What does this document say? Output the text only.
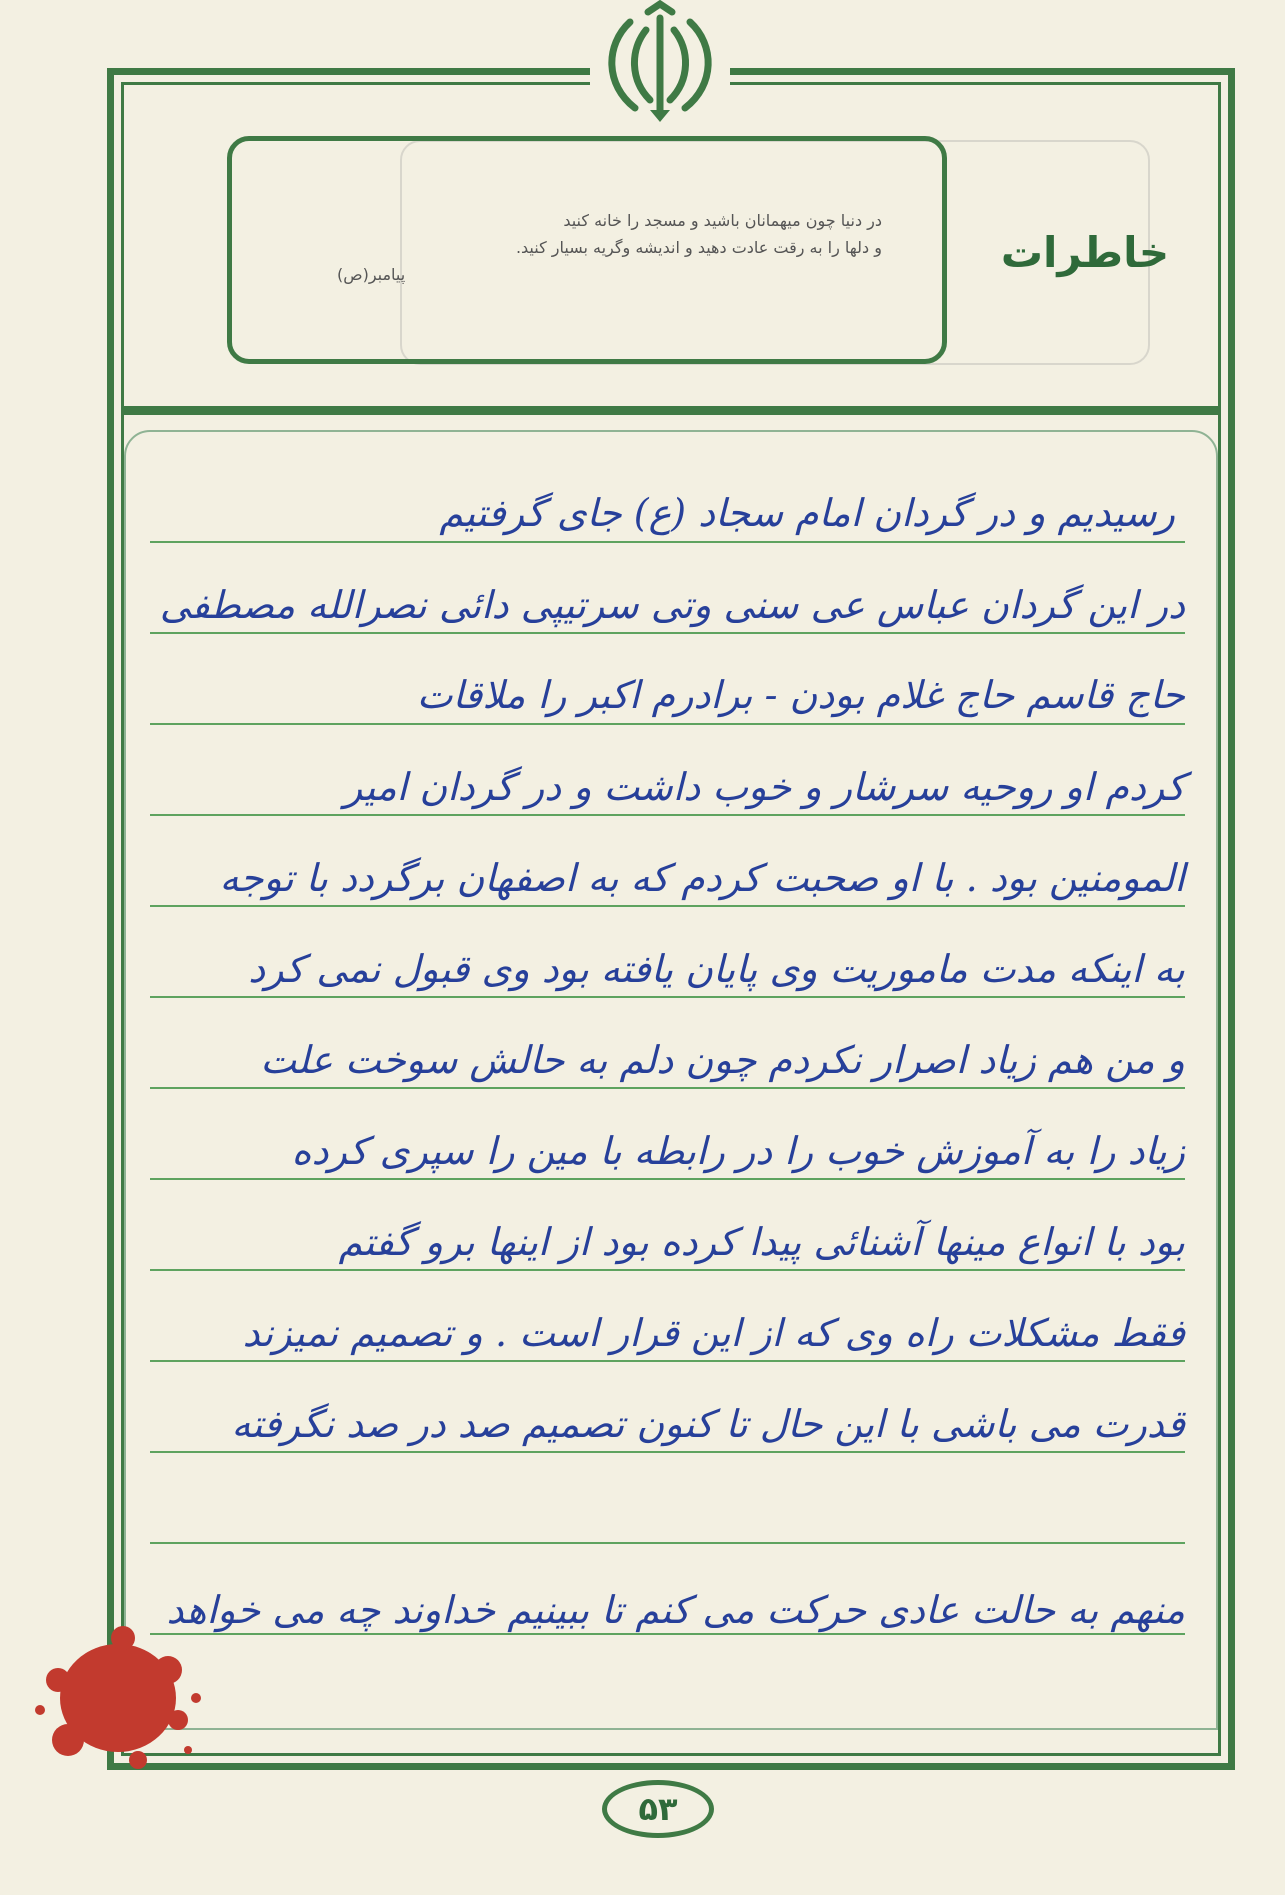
در دنیا چون میهمانان باشید و مسجد را خانه کنید
و دلها را به رقت عادت دهید و اندیشه وگریه بسیار کنید.
پیامبر(ص)	خاطرات
رسیدیم و در گردان امام سجاد (ع) جای گرفتیم
در این گردان عباس عی سنی وتی سرتیپی دائی نصرالله مصطفی
حاج قاسم حاج غلام بودن - برادرم اکبر را ملاقات
کردم او روحیه سرشار و خوب داشت و در گردان امیر
المومنین بود . با او صحبت کردم که به اصفهان برگردد با توجه
به اینکه مدت ماموریت وی پایان یافته بود وی قبول نمی کرد
و من هم زیاد اصرار نکردم چون دلم به حالش سوخت علت
زیاد را به آموزش خوب را در رابطه با مین را سپری کرده
بود با انواع مینها آشنائی پیدا کرده بود از اینها برو گفتم
فقط مشکلات راه وی که از این قرار است . و تصمیم نمیزند
قدرت می باشی با این حال تا کنون تصمیم صد در صد نگرفته
منهم به حالت عادی حرکت می کنم تا ببینیم خداوند چه می خواهد
۵۳
